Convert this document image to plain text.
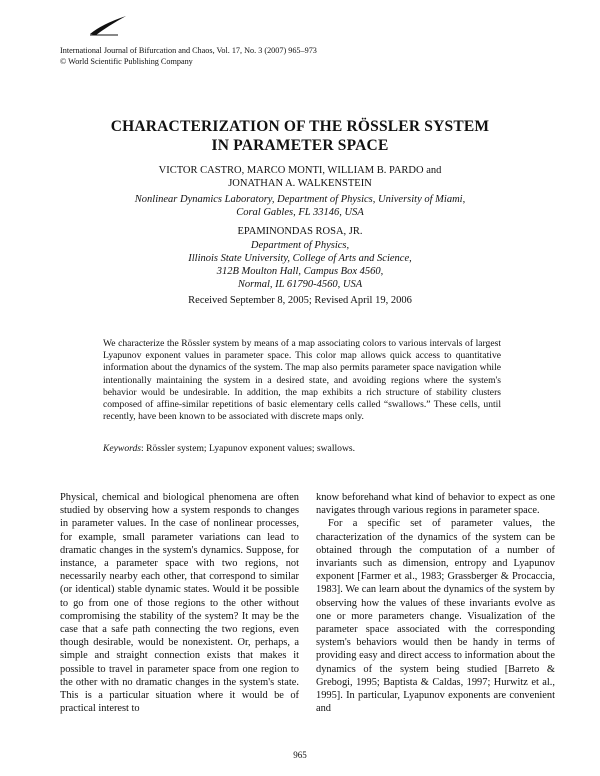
International Journal of Bifurcation and Chaos, Vol. 17, No. 3 (2007) 965–973
© World Scientific Publishing Company
CHARACTERIZATION OF THE RÖSSLER SYSTEM
IN PARAMETER SPACE
VICTOR CASTRO, MARCO MONTI, WILLIAM B. PARDO and
JONATHAN A. WALKENSTEIN
Nonlinear Dynamics Laboratory, Department of Physics, University of Miami,
Coral Gables, FL 33146, USA
EPAMINONDAS ROSA, JR.
Department of Physics,
Illinois State University, College of Arts and Science,
312B Moulton Hall, Campus Box 4560,
Normal, IL 61790-4560, USA
Received September 8, 2005; Revised April 19, 2006
We characterize the Rössler system by means of a map associating colors to various intervals of largest Lyapunov exponent values in parameter space. This color map allows quick access to quantitative information about the dynamics of the system. The map also permits parameter space navigation while intentionally maintaining the system in a desired state, and avoiding regions where the system's behavior would be undesirable. In addition, the map exhibits a rich structure of stability clusters composed of affine-similar repetitions of basic elementary cells called “swallows.” These cells, until recently, have been known to be associated with discrete maps only.
Keywords: Rössler system; Lyapunov exponent values; swallows.

Physical, chemical and biological phenomena are often studied by observing how a system responds to changes in parameter values. In the case of nonlinear processes, for example, small parameter variations can lead to dramatic changes in the system's dynamics. Suppose, for instance, a parameter space with two regions, not necessarily nearby each other, that correspond to similar (or identical) stable dynamic states. Would it be possible to go from one of those regions to the other without compromising the stability of the system? It may be the case that a safe path connecting the two regions, even though desirable, would be nonexistent. Or, perhaps, a simple and straight connection exists that makes it possible to travel in parameter space from one region to the other with no dramatic changes in the system's state. This is a particular situation where it would be of practical interest to

know beforehand what kind of behavior to expect as one navigates through various regions in parameter space.

For a specific set of parameter values, the characterization of the dynamics of the system can be obtained through the computation of a number of invariants such as dimension, entropy and Lyapunov exponent [Farmer et al., 1983; Grassberger & Procaccia, 1983]. We can learn about the dynamics of the system by observing how the values of these invariants evolve as one or more parameters change. Visualization of the parameter space associated with the corresponding system's behaviors would then be handy in terms of providing easy and direct access to information about the dynamics of the system being studied [Barreto & Grebogi, 1995; Baptista & Caldas, 1997; Hurwitz et al., 1995]. In particular, Lyapunov exponents are convenient and

965
